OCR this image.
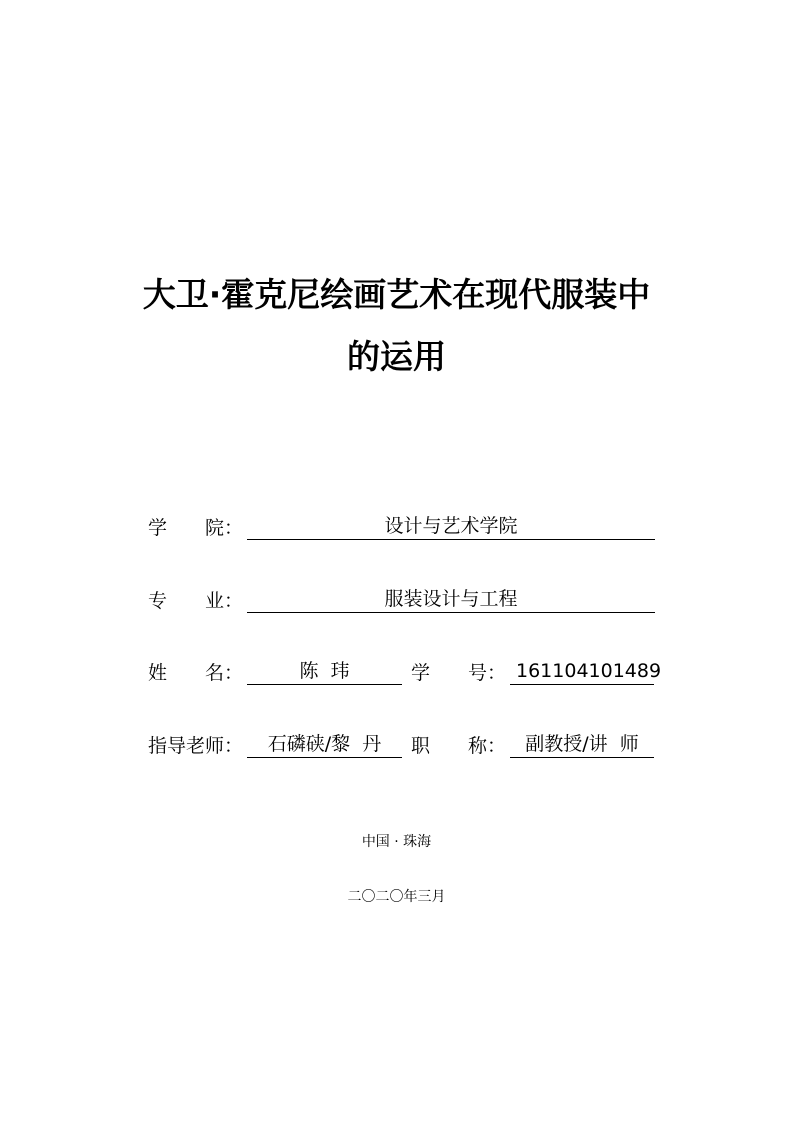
大卫·霍克尼绘画艺术在现代服装中
的运用
学　　院：	设计与艺术学院
专　　业：	服装设计与工程
姓　　名：	陈  玮	学　　号： 161104101489
指导老师：	石磷硖/黎  丹	职　　称：	副教授/讲  师
中国 · 珠海
二〇二〇年三月
